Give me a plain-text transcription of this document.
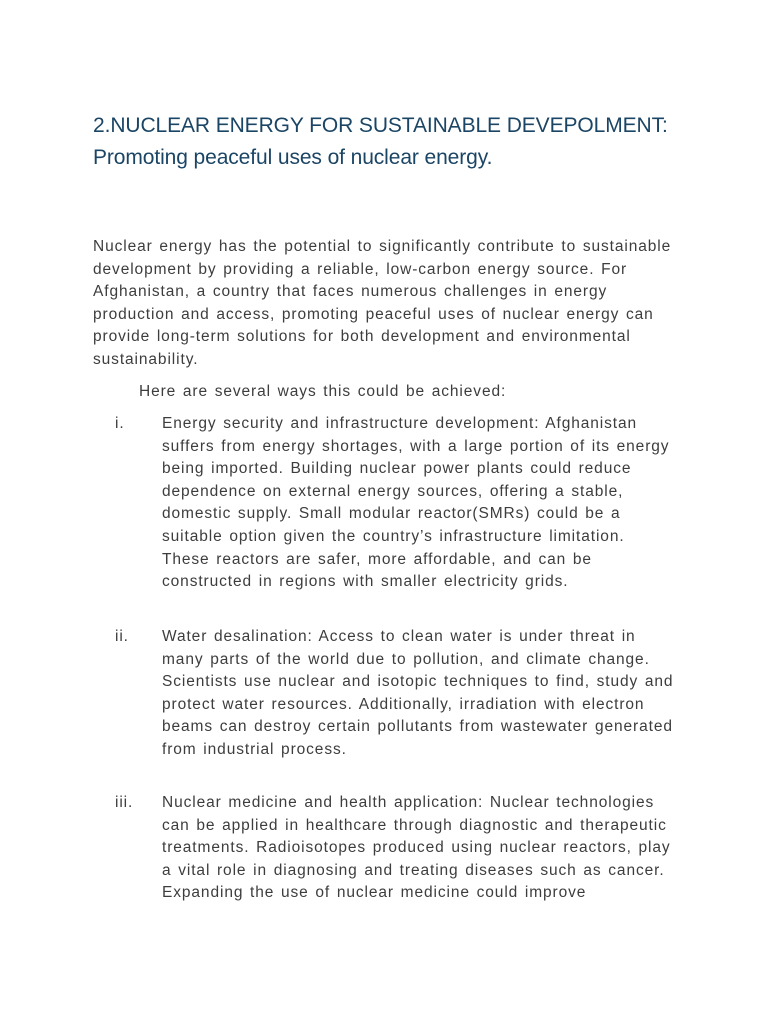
2.NUCLEAR ENERGY FOR SUSTAINABLE DEVEPOLMENT: Promoting peaceful uses of nuclear energy.

Nuclear energy has the potential to significantly contribute to sustainable development by providing a reliable, low-carbon energy source. For Afghanistan, a country that faces numerous challenges in energy production and access, promoting peaceful uses of nuclear energy can provide long-term solutions for both development and environmental sustainability.

Here are several ways this could be achieved:

i. Energy security and infrastructure development: Afghanistan suffers from energy shortages, with a large portion of its energy being imported. Building nuclear power plants could reduce dependence on external energy sources, offering a stable, domestic supply. Small modular reactor(SMRs) could be a suitable option given the country’s infrastructure limitation. These reactors are safer, more affordable, and can be constructed in regions with smaller electricity grids.

ii. Water desalination: Access to clean water is under threat in many parts of the world due to pollution, and climate change. Scientists use nuclear and isotopic techniques to find, study and protect water resources. Additionally, irradiation with electron beams can destroy certain pollutants from wastewater generated from industrial process.

iii. Nuclear medicine and health application: Nuclear technologies can be applied in healthcare through diagnostic and therapeutic treatments. Radioisotopes produced using nuclear reactors, play a vital role in diagnosing and treating diseases such as cancer. Expanding the use of nuclear medicine could improve
